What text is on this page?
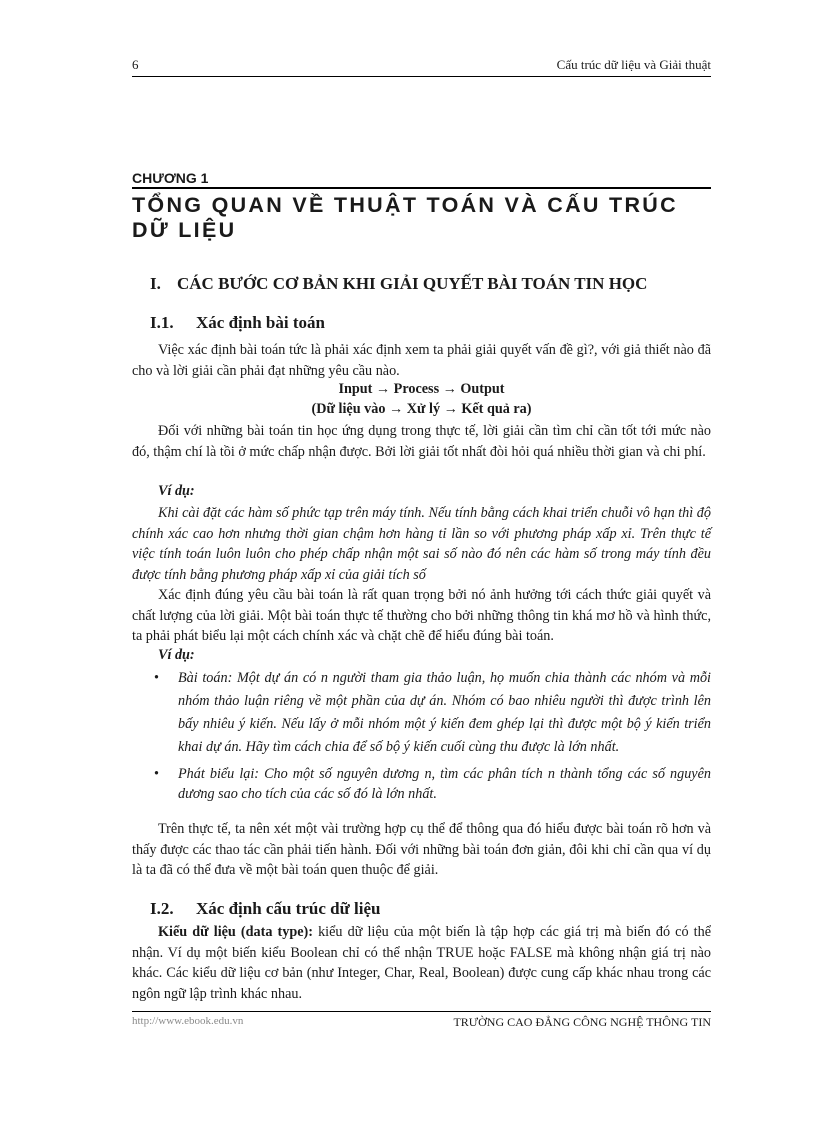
6	Cấu trúc dữ liệu và Giải thuật
CHƯƠNG 1
TỔNG QUAN VỀ THUẬT TOÁN VÀ CẤU TRÚC DỮ LIỆU
I. CÁC BƯỚC CƠ BẢN KHI GIẢI QUYẾT BÀI TOÁN TIN HỌC
I.1. Xác định bài toán

Việc xác định bài toán tức là phải xác định xem ta phải giải quyết vấn đề gì?, với giả thiết nào đã cho và lời giải cần phải đạt những yêu cầu nào.

Input → Process → Output

(Dữ liệu vào → Xử lý → Kết quả ra)

Đối với những bài toán tin học ứng dụng trong thực tế, lời giải cần tìm chỉ cần tốt tới mức nào đó, thậm chí là tồi ở mức chấp nhận được. Bởi lời giải tốt nhất đòi hỏi quá nhiều thời gian và chi phí.

Ví dụ:

Khi cài đặt các hàm số phức tạp trên máy tính. Nếu tính bằng cách khai triển chuỗi vô hạn thì độ chính xác cao hơn nhưng thời gian chậm hơn hàng tỉ lần so với phương pháp xấp xỉ. Trên thực tế việc tính toán luôn luôn cho phép chấp nhận một sai số nào đó nên các hàm số trong máy tính đều được tính bằng phương pháp xấp xỉ của giải tích số

Xác định đúng yêu cầu bài toán là rất quan trọng bởi nó ảnh hưởng tới cách thức giải quyết và chất lượng của lời giải. Một bài toán thực tế thường cho bởi những thông tin khá mơ hồ và hình thức, ta phải phát biểu lại một cách chính xác và chặt chẽ để hiểu đúng bài toán.

Ví dụ:

• Bài toán: Một dự án có n người tham gia thảo luận, họ muốn chia thành các nhóm và mỗi nhóm thảo luận riêng về một phần của dự án. Nhóm có bao nhiêu người thì được trình lên bấy nhiêu ý kiến. Nếu lấy ở mỗi nhóm một ý kiến đem ghép lại thì được một bộ ý kiến triển khai dự án. Hãy tìm cách chia để số bộ ý kiến cuối cùng thu được là lớn nhất.
• Phát biểu lại: Cho một số nguyên dương n, tìm các phân tích n thành tổng các số nguyên dương sao cho tích của các số đó là lớn nhất.

Trên thực tế, ta nên xét một vài trường hợp cụ thể để thông qua đó hiểu được bài toán rõ hơn và thấy được các thao tác cần phải tiến hành. Đối với những bài toán đơn giản, đôi khi chỉ cần qua ví dụ là ta đã có thể đưa về một bài toán quen thuộc để giải.

I.2. Xác định cấu trúc dữ liệu

Kiểu dữ liệu (data type): kiểu dữ liệu của một biến là tập hợp các giá trị mà biến đó có thể nhận. Ví dụ một biến kiểu Boolean chỉ có thể nhận TRUE hoặc FALSE mà không nhận giá trị nào khác. Các kiểu dữ liệu cơ bản (như Integer, Char, Real, Boolean) được cung cấp khác nhau trong các ngôn ngữ lập trình khác nhau.

http://www.ebook.edu.vn	TRƯỜNG CAO ĐẲNG CÔNG NGHỆ THÔNG TIN
